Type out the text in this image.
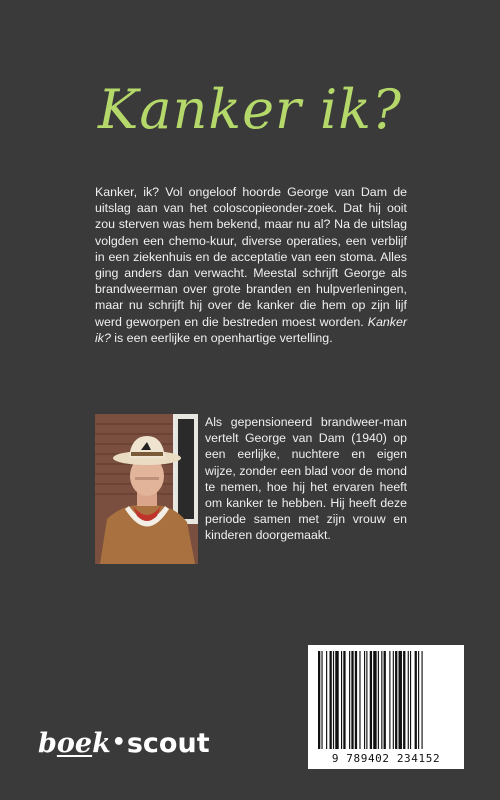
Kanker ik?
Kanker, ik? Vol ongeloof hoorde George van Dam de uitslag aan van het coloscopieonder-zoek. Dat hij ooit zou sterven was hem bekend, maar nu al? Na de uitslag volgden een chemo-kuur, diverse operaties, een verblijf in een ziekenhuis en de acceptatie van een stoma. Alles ging anders dan verwacht. Meestal schrijft George als brandweerman over grote branden en hulpverleningen, maar nu schrijft hij over de kanker die hem op zijn lijf werd geworpen en die bestreden moest worden. Kanker ik? is een eerlijke en openhartige vertelling.
Als gepensioneerd brandweer-man vertelt George van Dam (1940) op een eerlijke, nuchtere en eigen wijze, zonder een blad voor de mond te nemen, hoe hij het ervaren heeft om kanker te hebben. Hij heeft deze periode samen met zijn vrouw en kinderen doorgemaakt.
9 789402 234152
boek•scout
